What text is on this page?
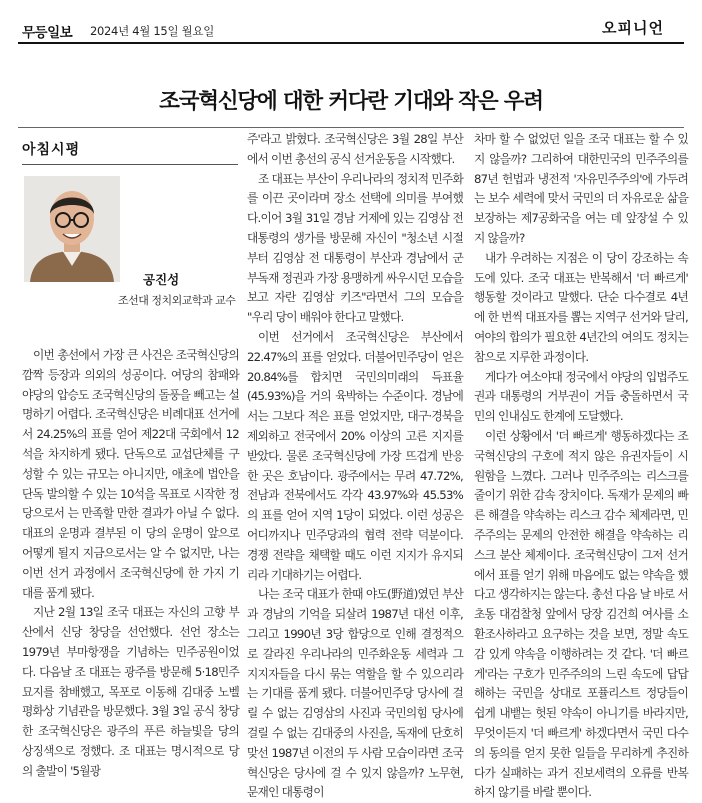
무등일보 2024년 4월 15일 월요일	오피니언
조국혁신당에 대한 커다란 기대와 작은 우려
아침시평
공진성
조선대 정치외교학과 교수

이번 총선에서 가장 큰 사건은 조국혁신당의 깜짝 등장과 의외의 성공이다. 여당의 참패와 야당의 압승도 조국혁신당의 돌풍을 빼고는 설명하기 어렵다. 조국혁신당은 비례대표 선거에서 24.25%의 표를 얻어 제22대 국회에서 12석을 차지하게 됐다. 단독으로 교섭단체를 구성할 수 있는 규모는 아니지만, 애초에 법안을 단독 발의할 수 있는 10석을 목표로 시작한 정당으로서 는 만족할 만한 결과가 아닐 수 없다. 대표의 운명과 결부된 이 당의 운명이 앞으로 어떻게 될지 지금으로서는 알 수 없지만, 나는 이번 선거 과정에서 조국혁신당에 한 가지 기대를 품게 됐다.

지난 2월 13일 조국 대표는 자신의 고향 부산에서 신당 창당을 선언했다. 선언 장소는 1979년 부마항쟁을 기념하는 민주공원이었다. 다음날 조 대표는 광주를 방문해 5·18민주묘지를 참배했고, 목포로 이동해 김대중 노벨평화상 기념관을 방문했다. 3월 3일 공식 창당한 조국혁신당은 광주의 푸른 하늘빛을 당의 상징색으로 정했다. 조 대표는 명시적으로 당의 출발이 '5월광

주'라고 밝혔다. 조국혁신당은 3월 28일 부산에서 이번 총선의 공식 선거운동을 시작했다.

조 대표는 부산이 우리나라의 정치적 민주화를 이끈 곳이라며 장소 선택에 의미를 부여했다.이어 3월 31일 경남 거제에 있는 김영삼 전 대통령의 생가를 방문해 자신이 "청소년 시절부터 김영삼 전 대통령이 부산과 경남에서 군부독재 정권과 가장 용맹하게 싸우시던 모습을 보고 자란 김영삼 키즈"라면서 그의 모습을 "우리 당이 배워야 한다고 말했다.

이번 선거에서 조국혁신당은 부산에서 22.47%의 표를 얻었다. 더불어민주당이 얻은 20.84%를 합치면 국민의미래의 득표율(45.93%)을 거의 육박하는 수준이다. 경남에서는 그보다 적은 표를 얻었지만, 대구·경북을 제외하고 전국에서 20% 이상의 고른 지지를 받았다. 물론 조국혁신당에 가장 뜨겁게 반응한 곳은 호남이다. 광주에서는 무려 47.72%, 전남과 전북에서도 각각 43.97%와 45.53%의 표를 얻어 지역 1당이 되었다. 이런 성공은 어디까지나 민주당과의 협력 전략 덕분이다. 경쟁 전략을 채택할 때도 이런 지지가 유지되리라 기대하기는 어렵다.

나는 조국 대표가 한때 야도(野道)였던 부산과 경남의 기억을 되살려 1987년 대선 이후, 그리고 1990년 3당 합당으로 인해 결정적으로 갈라진 우리나라의 민주화운동 세력과 그 지지자들을 다시 묶는 역할을 할 수 있으리라는 기대를 품게 됐다. 더불어민주당 당사에 걸릴 수 없는 김영삼의 사진과 국민의힘 당사에 걸릴 수 없는 김대중의 사진을, 독재에 단호히 맞선 1987년 이전의 두 사람 모습이라면 조국혁신당은 당사에 걸 수 있지 않을까? 노무현, 문재인 대통령이

차마 할 수 없었던 일을 조국 대표는 할 수 있지 않을까? 그리하여 대한민국의 민주주의를 87년 헌법과 냉전적 '자유민주주의'에 가두려는 보수 세력에 맞서 국민의 더 자유로운 삶을 보장하는 제7공화국을 여는 데 앞장설 수 있지 않을까?

내가 우려하는 지점은 이 당이 강조하는 속도에 있다. 조국 대표는 반복해서 '더 빠르게' 행동할 것이라고 말했다. 단순 다수결로 4년에 한 번씩 대표자를 뽑는 지역구 선거와 달리, 여야의 합의가 필요한 4년간의 여의도 정치는 참으로 지루한 과정이다.

게다가 여소야대 정국에서 야당의 입법주도권과 대통령의 거부권이 거듭 충돌하면서 국민의 인내심도 한계에 도달했다.

이런 상황에서 '더 빠르게' 행동하겠다는 조국혁신당의 구호에 적지 않은 유권자들이 시원함을 느꼈다. 그러나 민주주의는 리스크를 줄이기 위한 감속 장치이다. 독재가 문제의 빠른 해결을 약속하는 리스크 감수 체제라면, 민주주의는 문제의 안전한 해결을 약속하는 리스크 분산 체제이다. 조국혁신당이 그저 선거에서 표를 얻기 위해 마음에도 없는 약속을 했다고 생각하지는 않는다. 총선 다음 날 바로 서초동 대검찰청 앞에서 당장 김건희 여사를 소환조사하라고 요구하는 것을 보면, 정말 속도감 있게 약속을 이행하려는 것 같다. '더 빠르게'라는 구호가 민주주의의 느린 속도에 답답해하는 국민을 상대로 포퓰리스트 정당들이 쉽게 내뱉는 헛된 약속이 아니기를 바라지만, 무엇이든지 '더 빠르게' 하겠다면서 국민 다수의 동의를 얻지 못한 일들을 무리하게 추진하다가 실패하는 과거 진보세력의 오류를 반복하지 않기를 바랄 뿐이다.
